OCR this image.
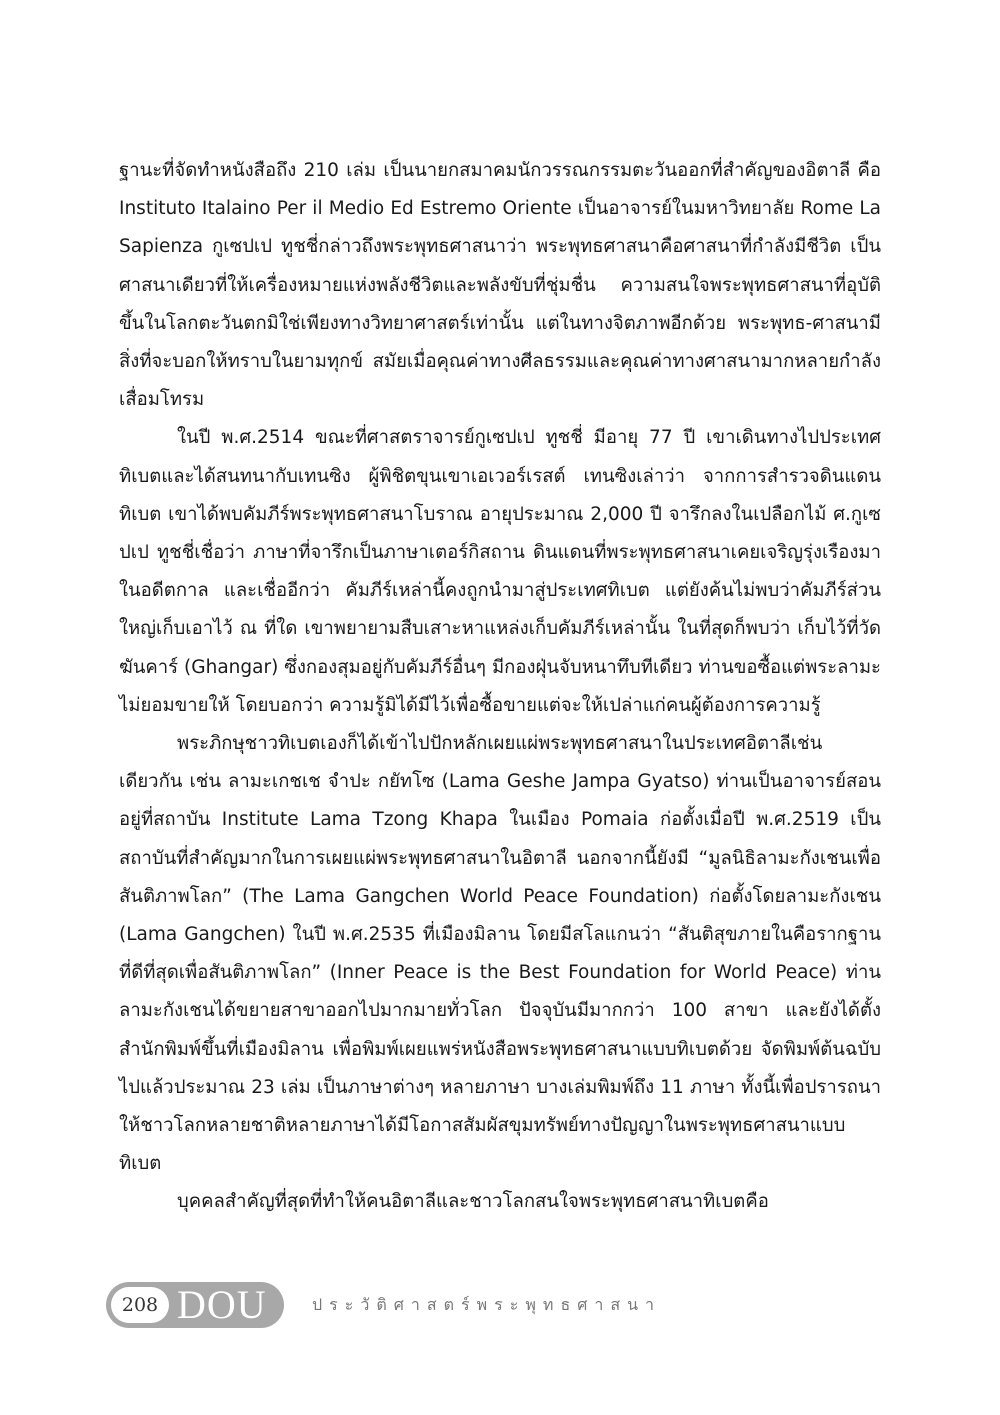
ฐานะที่จัดทำหนังสือถึง 210 เล่ม เป็นนายกสมาคมนักวรรณกรรมตะวันออกที่สำคัญของอิตาลี คือ Instituto Italaino Per il Medio Ed Estremo Oriente เป็นอาจารย์ในมหาวิทยาลัย Rome La Sapienza กูเซปเป ทูชชี่กล่าวถึงพระพุทธศาสนาว่า พระพุทธศาสนาคือศาสนาที่กำลังมีชีวิต เป็นศาสนาเดียวที่ให้เครื่องหมายแห่งพลังชีวิตและพลังขับที่ชุ่มชื่น ความสนใจพระพุทธศาสนาที่อุบัติขึ้นในโลกตะวันตกมิใช่เพียงทางวิทยาศาสตร์เท่านั้น แต่ในทางจิตภาพอีกด้วย พระพุทธ-ศาสนามีสิ่งที่จะบอกให้ทราบในยามทุกข์ สมัยเมื่อคุณค่าทางศีลธรรมและคุณค่าทางศาสนามากหลายกำลังเสื่อมโทรม

ในปี พ.ศ.2514 ขณะที่ศาสตราจารย์กูเซปเป ทูชชี่ มีอายุ 77 ปี เขาเดินทางไปประเทศทิเบตและได้สนทนากับเทนซิง ผู้พิชิตขุนเขาเอเวอร์เรสต์ เทนซิงเล่าว่า จากการสำรวจดินแดนทิเบต เขาได้พบคัมภีร์พระพุทธศาสนาโบราณ อายุประมาณ 2,000 ปี จารึกลงในเปลือกไม้ ศ.กูเซปเป ทูชชี่เชื่อว่า ภาษาที่จารึกเป็นภาษาเตอร์กิสถาน ดินแดนที่พระพุทธศาสนาเคยเจริญรุ่งเรืองมาในอดีตกาล และเชื่ออีกว่า คัมภีร์เหล่านี้คงถูกนำมาสู่ประเทศทิเบต แต่ยังค้นไม่พบว่าคัมภีร์ส่วนใหญ่เก็บเอาไว้ ณ ที่ใด เขาพยายามสืบเสาะหาแหล่งเก็บคัมภีร์เหล่านั้น ในที่สุดก็พบว่า เก็บไว้ที่วัดฆันคาร์ (Ghangar) ซึ่งกองสุมอยู่กับคัมภีร์อื่นๆ มีกองฝุ่นจับหนาทึบทีเดียว ท่านขอซื้อแต่พระลามะไม่ยอมขายให้ โดยบอกว่า ความรู้มิได้มีไว้เพื่อซื้อขายแต่จะให้เปล่าแก่คนผู้ต้องการความรู้

พระภิกษุชาวทิเบตเองก็ได้เข้าไปปักหลักเผยแผ่พระพุทธศาสนาในประเทศอิตาลีเช่นเดียวกัน เช่น ลามะเกชเช จำปะ กยัทโซ (Lama Geshe Jampa Gyatso) ท่านเป็นอาจารย์สอนอยู่ที่สถาบัน Institute Lama Tzong Khapa ในเมือง Pomaia ก่อตั้งเมื่อปี พ.ศ.2519 เป็นสถาบันที่สำคัญมากในการเผยแผ่พระพุทธศาสนาในอิตาลี นอกจากนี้ยังมี “มูลนิธิลามะกังเชนเพื่อสันติภาพโลก” (The Lama Gangchen World Peace Foundation) ก่อตั้งโดยลามะกังเชน (Lama Gangchen) ในปี พ.ศ.2535 ที่เมืองมิลาน โดยมีสโลแกนว่า “สันติสุขภายในคือรากฐานที่ดีที่สุดเพื่อสันติภาพโลก” (Inner Peace is the Best Foundation for World Peace) ท่านลามะกังเชนได้ขยายสาขาออกไปมากมายทั่วโลก ปัจจุบันมีมากกว่า 100 สาขา และยังได้ตั้งสำนักพิมพ์ขึ้นที่เมืองมิลาน เพื่อพิมพ์เผยแพร่หนังสือพระพุทธศาสนาแบบทิเบตด้วย จัดพิมพ์ต้นฉบับไปแล้วประมาณ 23 เล่ม เป็นภาษาต่างๆ หลายภาษา บางเล่มพิมพ์ถึง 11 ภาษา ทั้งนี้เพื่อปรารถนาให้ชาวโลกหลายชาติหลายภาษาได้มีโอกาสสัมผัสขุมทรัพย์ทางปัญญาในพระพุทธศาสนาแบบทิเบต

บุคคลสำคัญที่สุดที่ทำให้คนอิตาลีและชาวโลกสนใจพระพุทธศาสนาทิเบตคือ

208 DOU	ประวัติศาสตร์พระพุทธศาสนา
